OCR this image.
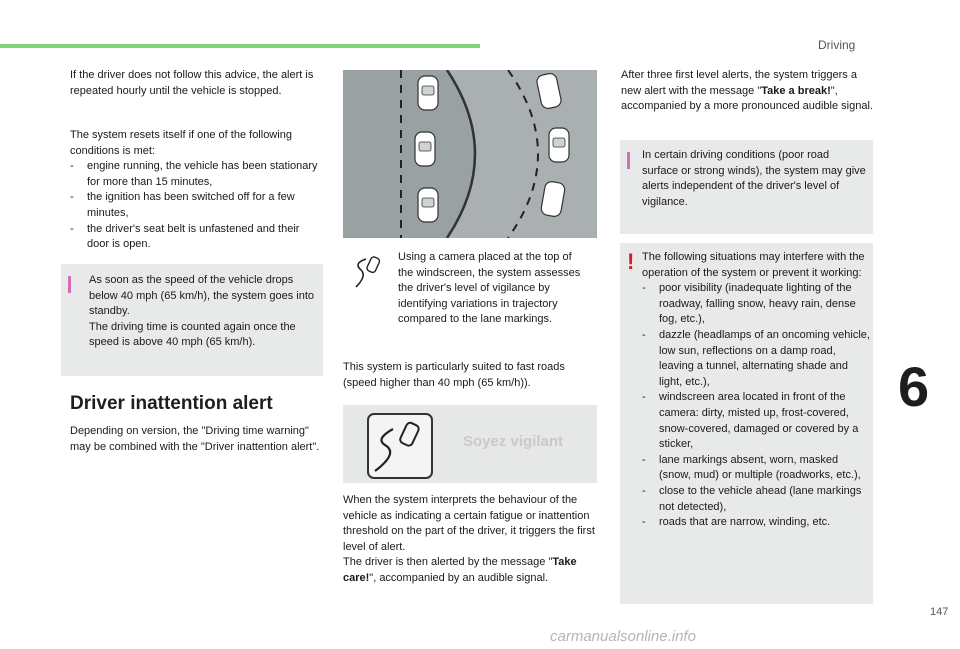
Driving
6
147
If the driver does not follow this advice, the alert is repeated hourly until the vehicle is stopped.
The system resets itself if one of the following conditions is met:
- engine running, the vehicle has been stationary for more than 15 minutes,
- the ignition has been switched off for a few minutes,
- the driver's seat belt is unfastened and their door is open.
As soon as the speed of the vehicle drops below 40 mph (65 km/h), the system goes into standby.
The driving time is counted again once the speed is above 40 mph (65 km/h).
Driver inattention alert
Depending on version, the "Driving time warning" may be combined with the "Driver inattention alert".
Using a camera placed at the top of the windscreen, the system assesses the driver's level of vigilance by identifying variations in trajectory compared to the lane markings.
This system is particularly suited to fast roads (speed higher than 40 mph (65 km/h)).
Soyez vigilant
When the system interprets the behaviour of the vehicle as indicating a certain fatigue or inattention threshold on the part of the driver, it triggers the first level of alert.
The driver is then alerted by the message "Take care!", accompanied by an audible signal.
After three first level alerts, the system triggers a new alert with the message "Take a break!", accompanied by a more pronounced audible signal.
In certain driving conditions (poor road surface or strong winds), the system may give alerts independent of the driver's level of vigilance.
! The following situations may interfere with the operation of the system or prevent it working:
- poor visibility (inadequate lighting of the roadway, falling snow, heavy rain, dense fog, etc.),
- dazzle (headlamps of an oncoming vehicle, low sun, reflections on a damp road, leaving a tunnel, alternating shade and light, etc.),
- windscreen area located in front of the camera: dirty, misted up, frost-covered, snow-covered, damaged or covered by a sticker,
- lane markings absent, worn, masked (snow, mud) or multiple (roadworks, etc.),
- close to the vehicle ahead (lane markings not detected),
- roads that are narrow, winding, etc.
carmanualsonline.info
